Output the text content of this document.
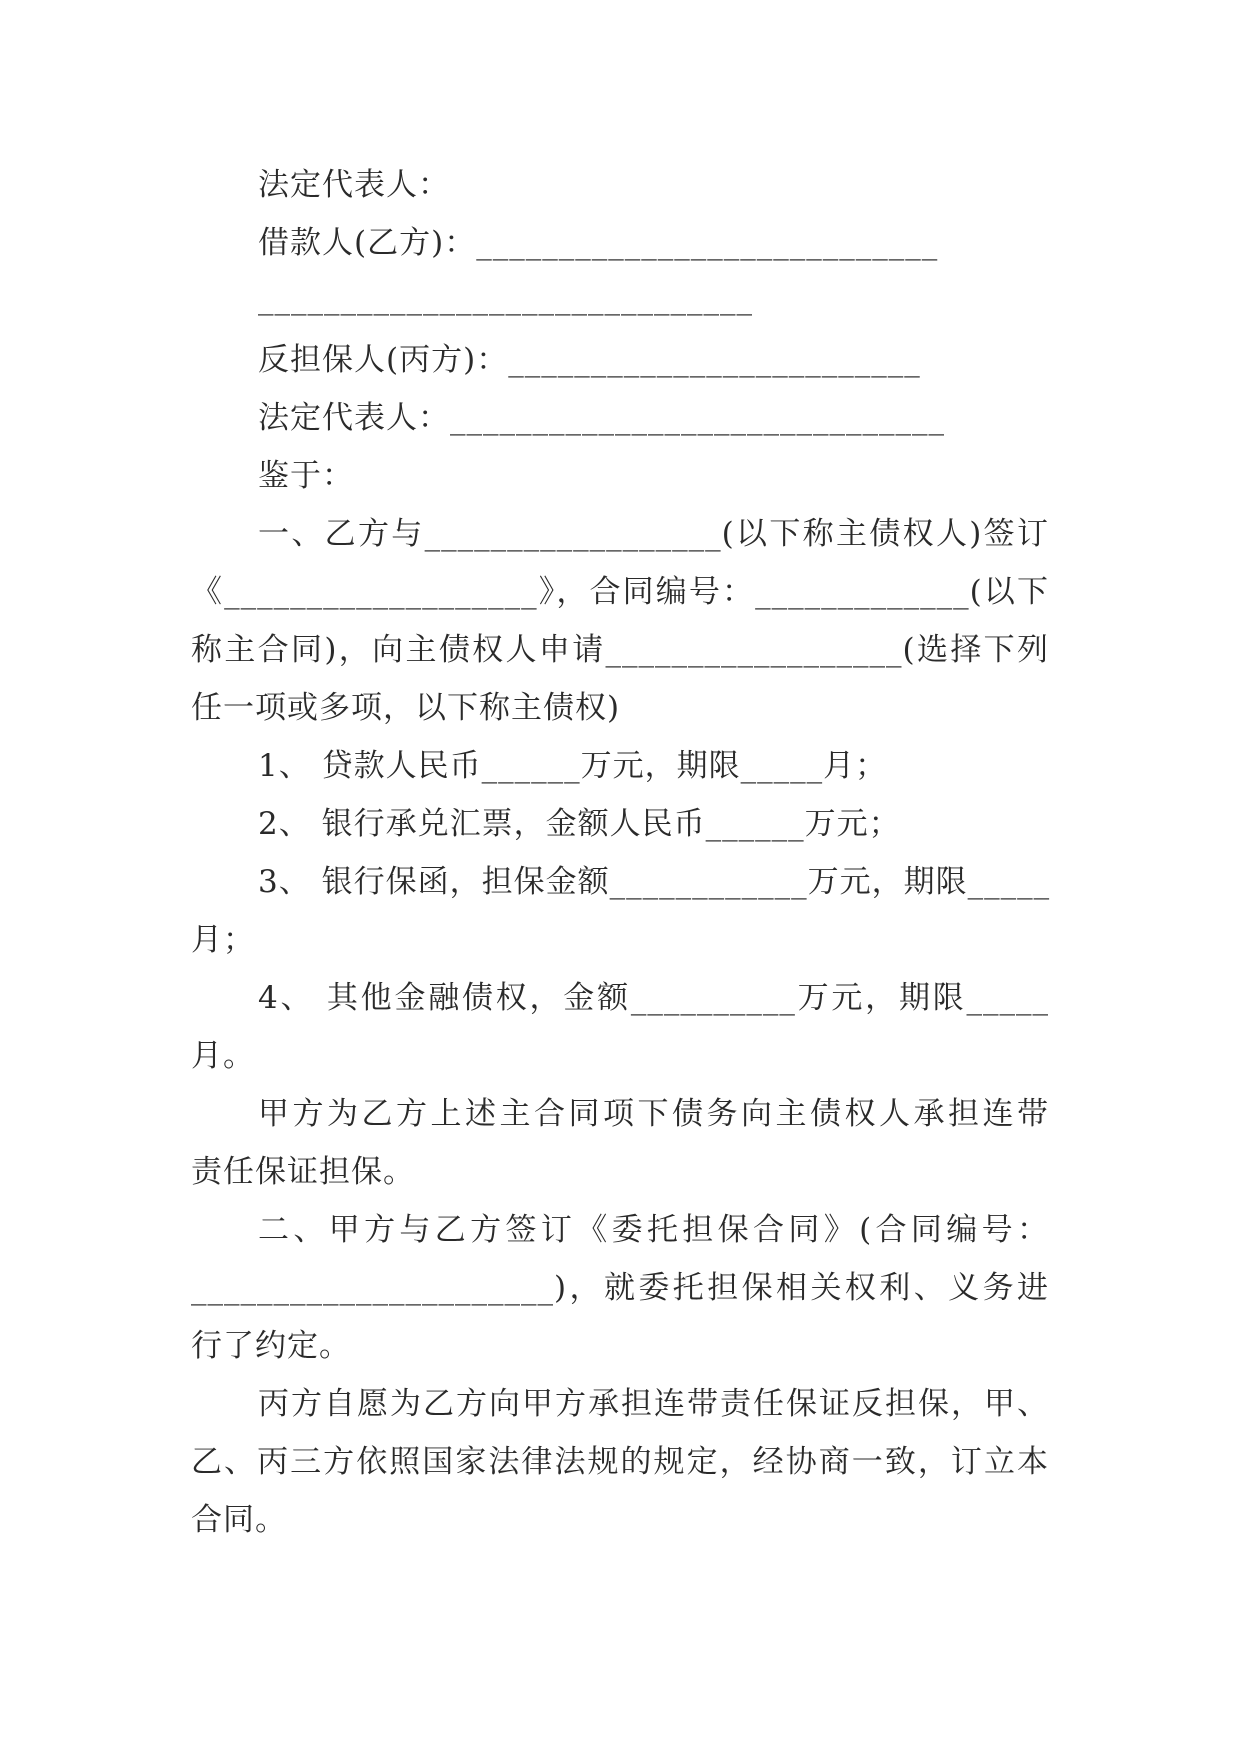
法定代表人：
借款人(乙方)：____________________________
______________________________
反担保人(丙方)：_________________________
法定代表人：______________________________
鉴于：
一、乙方与__________________(以下称主债权人)签订
《___________________》，合同编号：_____________(以下
称主合同)，向主债权人申请__________________(选择下列
任一项或多项，以下称主债权)
1、 贷款人民币______万元，期限_____月；
2、 银行承兑汇票，金额人民币______万元；
3、 银行保函，担保金额____________万元，期限_____
月；
4、 其他金融债权，金额__________万元，期限_____
月。
甲方为乙方上述主合同项下债务向主债权人承担连带
责任保证担保。
二、甲方与乙方签订《委托担保合同》(合同编号：
______________________)，就委托担保相关权利、义务进
行了约定。
丙方自愿为乙方向甲方承担连带责任保证反担保，甲、
乙、丙三方依照国家法律法规的规定，经协商一致，订立本
合同。
